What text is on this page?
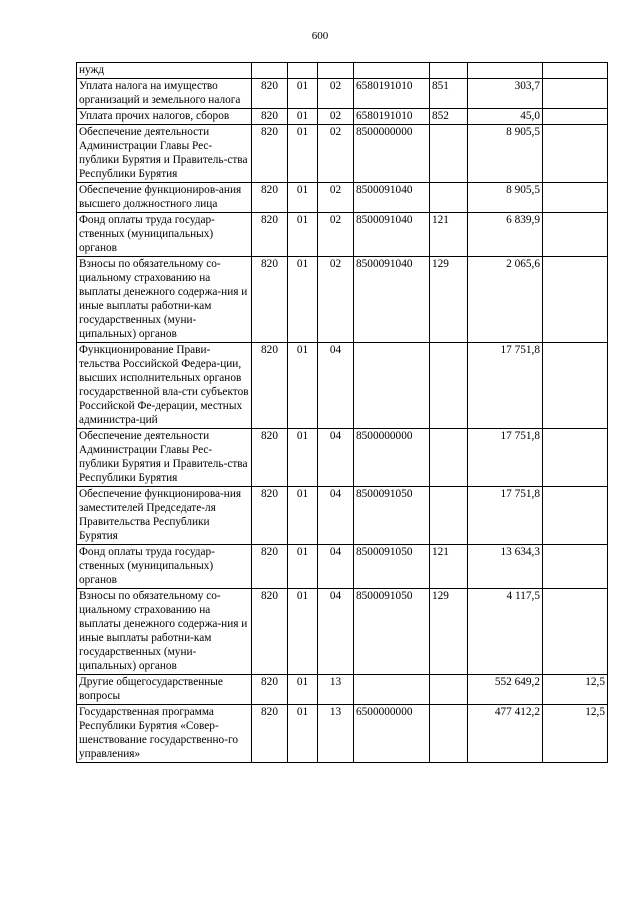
600
нужд							
Уплата налога на имущество организаций и земельного налога	820	01	02	6580191010	851	303,7	
Уплата прочих налогов, сборов	820	01	02	6580191010	852	45,0	
Обеспечение деятельности Администрации Главы Рес-публики Бурятия и Правитель-ства Республики Бурятия	820	01	02	8500000000		8 905,5	
Обеспечение функциониров-ания высшего должностного лица	820	01	02	8500091040		8 905,5	
Фонд оплаты труда государ-ственных (муниципальных) органов	820	01	02	8500091040	121	6 839,9	
Взносы по обязательному со-циальному страхованию на выплаты денежного содержа-ния и иные выплаты работни-кам государственных (муни-ципальных) органов	820	01	02	8500091040	129	2 065,6	
Функционирование Прави-тельства Российской Федера-ции, высших исполнительных органов государственной вла-сти субъектов Российской Фе-дерации, местных администра-ций	820	01	04			17 751,8	
Обеспечение деятельности Администрации Главы Рес-публики Бурятия и Правитель-ства Республики Бурятия	820	01	04	8500000000		17 751,8	
Обеспечение функционирова-ния заместителей Председате-ля Правительства Республики Бурятия	820	01	04	8500091050		17 751,8	
Фонд оплаты труда государ-ственных (муниципальных) органов	820	01	04	8500091050	121	13 634,3	
Взносы по обязательному со-циальному страхованию на выплаты денежного содержа-ния и иные выплаты работни-кам государственных (муни-ципальных) органов	820	01	04	8500091050	129	4 117,5	
Другие общегосударственные вопросы	820	01	13			552 649,2	12,5
Государственная программа Республики Бурятия «Совер-шенствование государственно-го управления»	820	01	13	6500000000		477 412,2	12,5
